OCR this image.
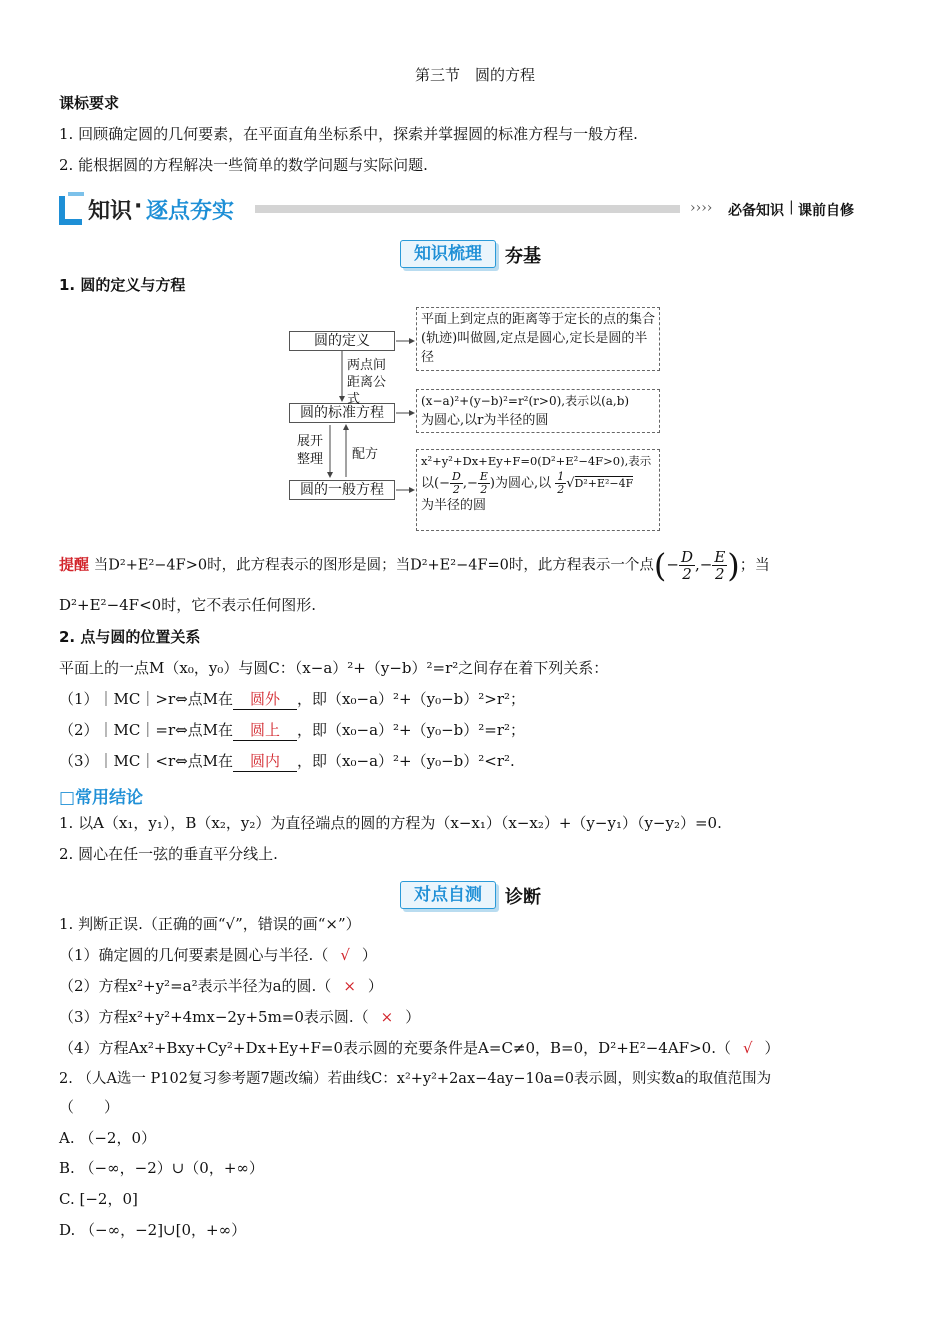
第三节　圆的方程
课标要求
1. 回顾确定圆的几何要素，在平面直角坐标系中，探索并掌握圆的标准方程与一般方程.
2. 能根据圆的方程解决一些简单的数学问题与实际问题.
知识 · 逐点夯实	›››› 必备知识 | 课前自修
知识梳理	夯基
1. 圆的定义与方程
圆的定义
圆的标准方程
圆的一般方程
两点间距离公式
展开整理	配方
平面上到定点的距离等于定长的点的集合(轨迹)叫做圆,定点是圆心,定长是圆的半径
(x−a)²+(y−b)²=r²(r>0),表示以(a,b)
为圆心,以r为半径的圆
x²+y²+Dx+Ey+F=0(D²+E²−4F>0),表示
以(− $\frac{D}{2}$ ,− $\frac{E}{2}$ )为圆心,以 $\frac{1}{2} √D^2+E^2-4F$
为半径的圆
提醒 当D²+E²−4F>0时，此方程表示的图形是圆；当D²+E²−4F=0时，此方程表示一个点(− $\frac{D}{2}$ ,− $\frac{E}{2}$ )；当
D²+E²−4F<0时，它不表示任何图形.
2. 点与圆的位置关系
平面上的一点M（x₀，y₀）与圆C：（x−a）²+（y−b）²=r²之间存在着下列关系：
（1）｜MC｜>r⇔点M在 圆外 ，即（x₀−a）²+（y₀−b）²>r²；
（2）｜MC｜=r⇔点M在 圆上 ，即（x₀−a）²+（y₀−b）²=r²；
（3）｜MC｜<r⇔点M在 圆内 ，即（x₀−a）²+（y₀−b）²<r².
□常用结论
1. 以A（x₁，y₁），B（x₂，y₂）为直径端点的圆的方程为（x−x₁）（x−x₂）+（y−y₁）（y−y₂）=0.
2. 圆心在任一弦的垂直平分线上.
对点自测	诊断
1. 判断正误.（正确的画“√”，错误的画“×”）
（1）确定圆的几何要素是圆心与半径.（ √ ）
（2）方程x²+y²=a²表示半径为a的圆.（ × ）
（3）方程x²+y²+4mx−2y+5m=0表示圆.（ × ）
（4）方程Ax²+Bxy+Cy²+Dx+Ey+F=0表示圆的充要条件是A=C≠0，B=0，D²+E²−4AF>0.（ √ ）
2. （人A选一 P102复习参考题7题改编）若曲线C：x²+y²+2ax−4ay−10a=0表示圆，则实数a的取值范围为
（　　）
A. （−2，0）
B. （−∞，−2）∪（0，+∞）
C. [−2，0]
D. （−∞，−2]∪[0，+∞）
